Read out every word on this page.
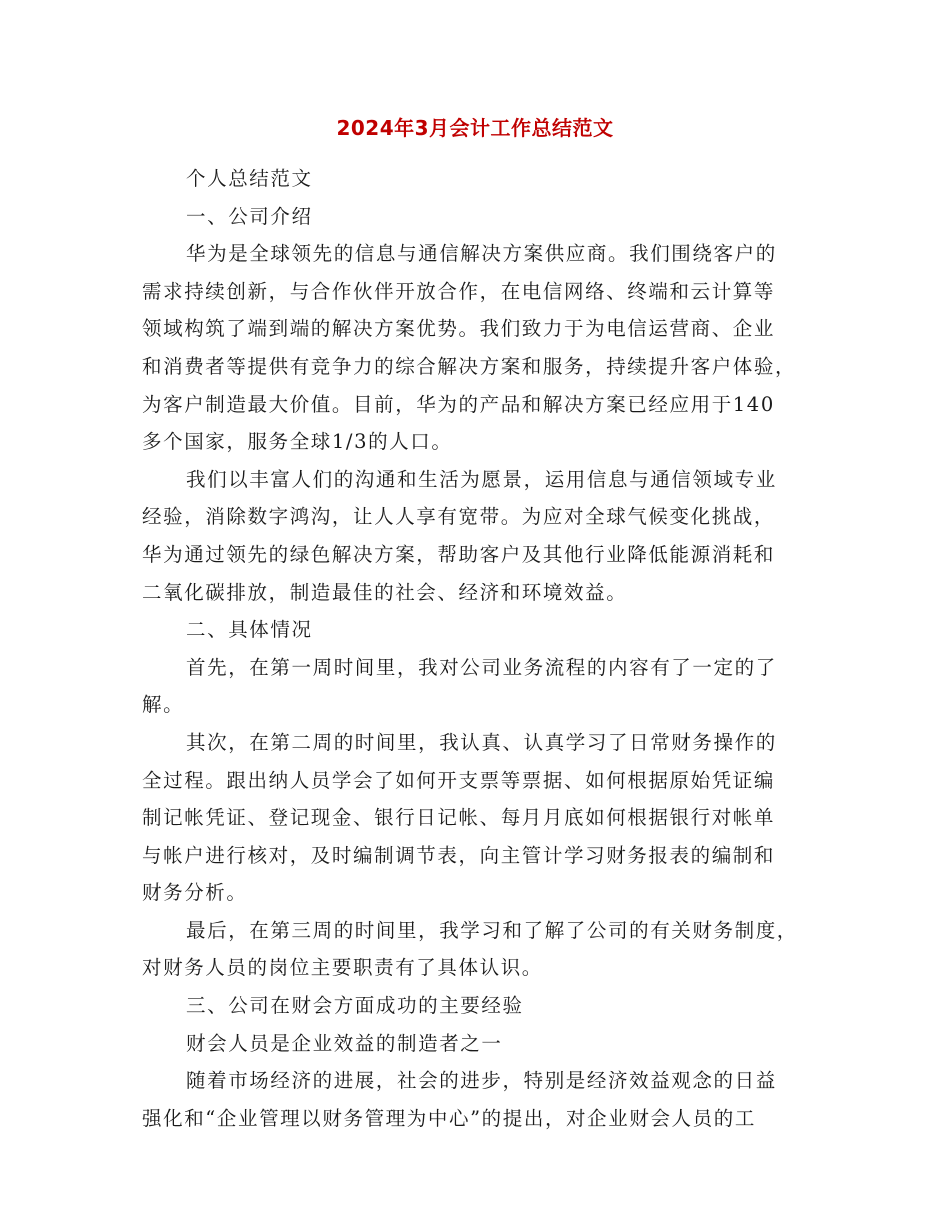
2024年3月会计工作总结范文
个人总结范文
一、公司介绍
华为是全球领先的信息与通信解决方案供应商。我们围绕客户的
需求持续创新，与合作伙伴开放合作，在电信网络、终端和云计算等
领域构筑了端到端的解决方案优势。我们致力于为电信运营商、企业
和消费者等提供有竞争力的综合解决方案和服务，持续提升客户体验，
为客户制造最大价值。目前，华为的产品和解决方案已经应用于140
多个国家，服务全球1/3的人口。
我们以丰富人们的沟通和生活为愿景，运用信息与通信领域专业
经验，消除数字鸿沟，让人人享有宽带。为应对全球气候变化挑战，
华为通过领先的绿色解决方案，帮助客户及其他行业降低能源消耗和
二氧化碳排放，制造最佳的社会、经济和环境效益。
二、具体情况
首先，在第一周时间里，我对公司业务流程的内容有了一定的了
解。
其次，在第二周的时间里，我认真、认真学习了日常财务操作的
全过程。跟出纳人员学会了如何开支票等票据、如何根据原始凭证编
制记帐凭证、登记现金、银行日记帐、每月月底如何根据银行对帐单
与帐户进行核对，及时编制调节表，向主管计学习财务报表的编制和
财务分析。
最后，在第三周的时间里，我学习和了解了公司的有关财务制度，
对财务人员的岗位主要职责有了具体认识。
三、公司在财会方面成功的主要经验
财会人员是企业效益的制造者之一
随着市场经济的进展，社会的进步，特别是经济效益观念的日益
强化和“企业管理以财务管理为中心”的提出，对企业财会人员的工
